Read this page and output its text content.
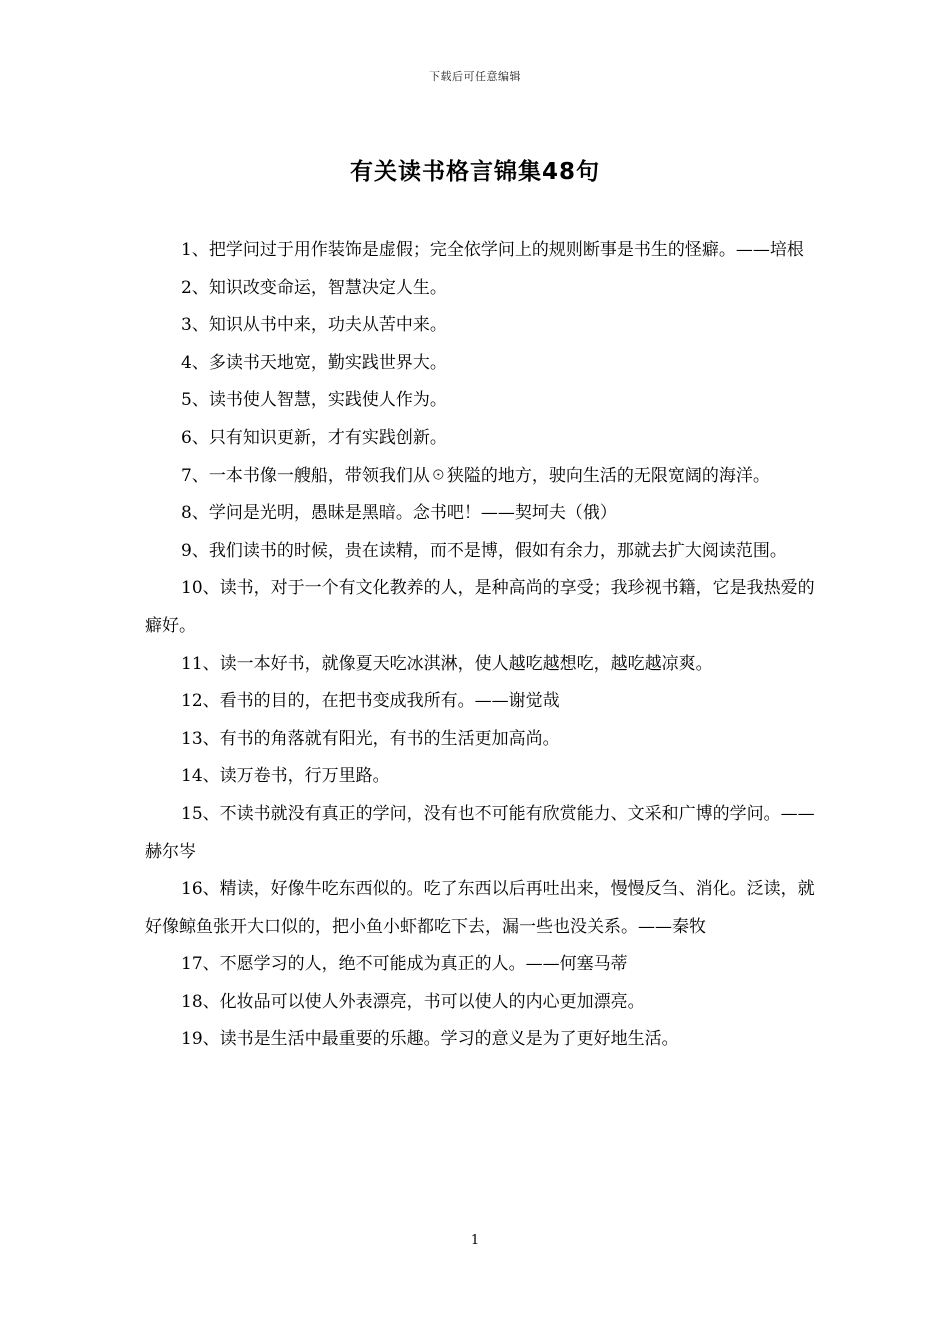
下载后可任意编辑
有关读书格言锦集48句

1、把学问过于用作装饰是虚假；完全依学问上的规则断事是书生的怪癖。——培根

2、知识改变命运，智慧决定人生。

3、知识从书中来，功夫从苦中来。

4、多读书天地宽，勤实践世界大。

5、读书使人智慧，实践使人作为。

6、只有知识更新，才有实践创新。

7、一本书像一艘船，带领我们从☉狭隘的地方，驶向生活的无限宽阔的海洋。

8、学问是光明，愚昧是黑暗。念书吧！——契坷夫（俄）

9、我们读书的时候，贵在读精，而不是博，假如有余力，那就去扩大阅读范围。

10、读书，对于一个有文化教养的人，是种高尚的享受；我珍视书籍，它是我热爱的癖好。

11、读一本好书，就像夏天吃冰淇淋，使人越吃越想吃，越吃越凉爽。

12、看书的目的，在把书变成我所有。——谢觉哉

13、有书的角落就有阳光，有书的生活更加高尚。

14、读万卷书，行万里路。

15、不读书就没有真正的学问，没有也不可能有欣赏能力、文采和广博的学问。——赫尔岑

16、精读，好像牛吃东西似的。吃了东西以后再吐出来，慢慢反刍、消化。泛读，就好像鲸鱼张开大口似的，把小鱼小虾都吃下去，漏一些也没关系。——秦牧

17、不愿学习的人，绝不可能成为真正的人。——何塞马蒂

18、化妆品可以使人外表漂亮，书可以使人的内心更加漂亮。

19、读书是生活中最重要的乐趣。学习的意义是为了更好地生活。

1
